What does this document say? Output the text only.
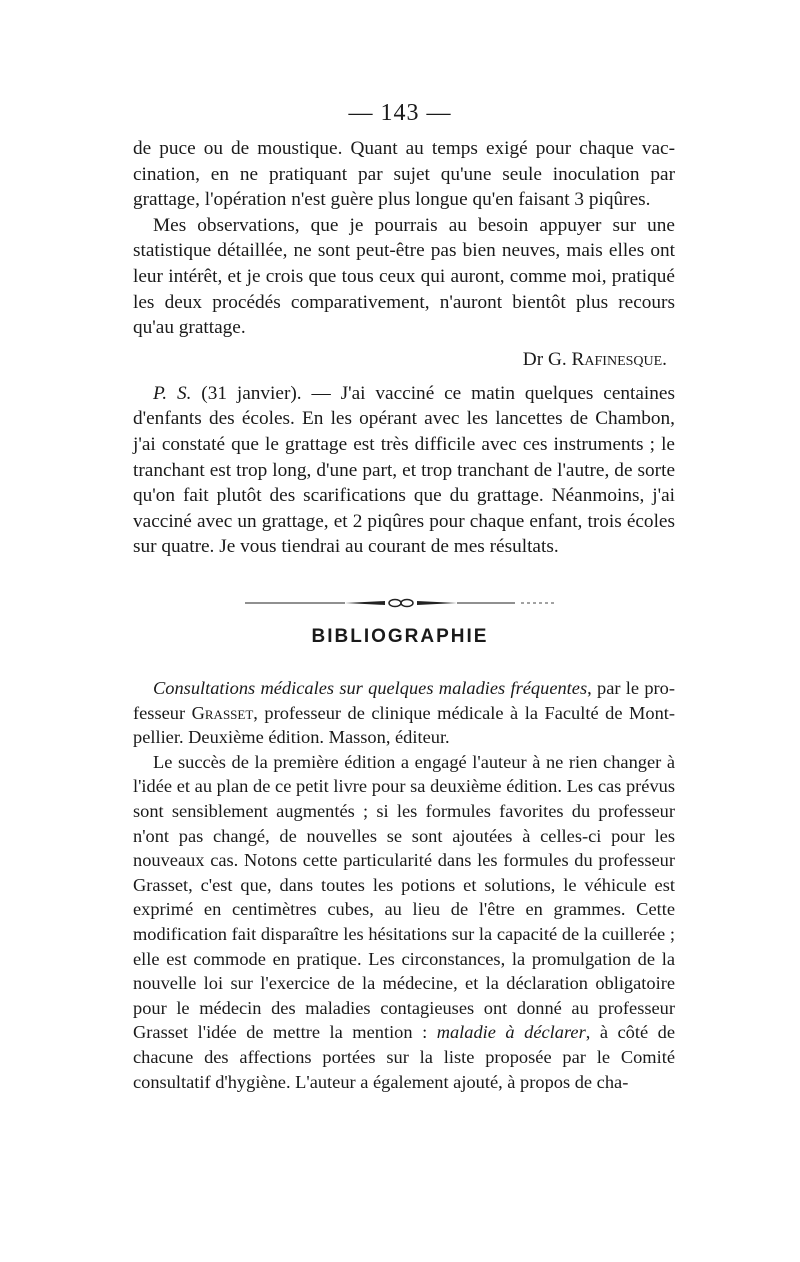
— 143 —

de puce ou de moustique. Quant au temps exigé pour chaque vaccination, en ne pratiquant par sujet qu'une seule inoculation par grattage, l'opération n'est guère plus longue qu'en faisant 3 piqûres.

Mes observations, que je pourrais au besoin appuyer sur une statistique détaillée, ne sont peut-être pas bien neuves, mais elles ont leur intérêt, et je crois que tous ceux qui auront, comme moi, pratiqué les deux procédés comparativement, n'auront bientôt plus recours qu'au grattage.

Dr G. Rafinesque.

P. S. (31 janvier). — J'ai vacciné ce matin quelques centaines d'enfants des écoles. En les opérant avec les lancettes de Chambon, j'ai constaté que le grattage est très difficile avec ces instruments ; le tranchant est trop long, d'une part, et trop tranchant de l'autre, de sorte qu'on fait plutôt des scarifications que du grattage. Néanmoins, j'ai vacciné avec un grattage, et 2 piqûres pour chaque enfant, trois écoles sur quatre. Je vous tiendrai au courant de mes résultats.

BIBLIOGRAPHIE

Consultations médicales sur quelques maladies fréquentes, par le professeur Grasset, professeur de clinique médicale à la Faculté de Montpellier. Deuxième édition. Masson, éditeur.

Le succès de la première édition a engagé l'auteur à ne rien changer à l'idée et au plan de ce petit livre pour sa deuxième édition. Les cas prévus sont sensiblement augmentés ; si les formules favorites du professeur n'ont pas changé, de nouvelles se sont ajoutées à celles-ci pour les nouveaux cas. Notons cette particularité dans les formules du professeur Grasset, c'est que, dans toutes les potions et solutions, le véhicule est exprimé en centimètres cubes, au lieu de l'être en grammes. Cette modification fait disparaître les hésitations sur la capacité de la cuillerée ; elle est commode en pratique. Les circonstances, la promulgation de la nouvelle loi sur l'exercice de la médecine, et la déclaration obligatoire pour le médecin des maladies contagieuses ont donné au professeur Grasset l'idée de mettre la mention : maladie à déclarer, à côté de chacune des affections portées sur la liste proposée par le Comité consultatif d'hygiène. L'auteur a également ajouté, à propos de cha-
